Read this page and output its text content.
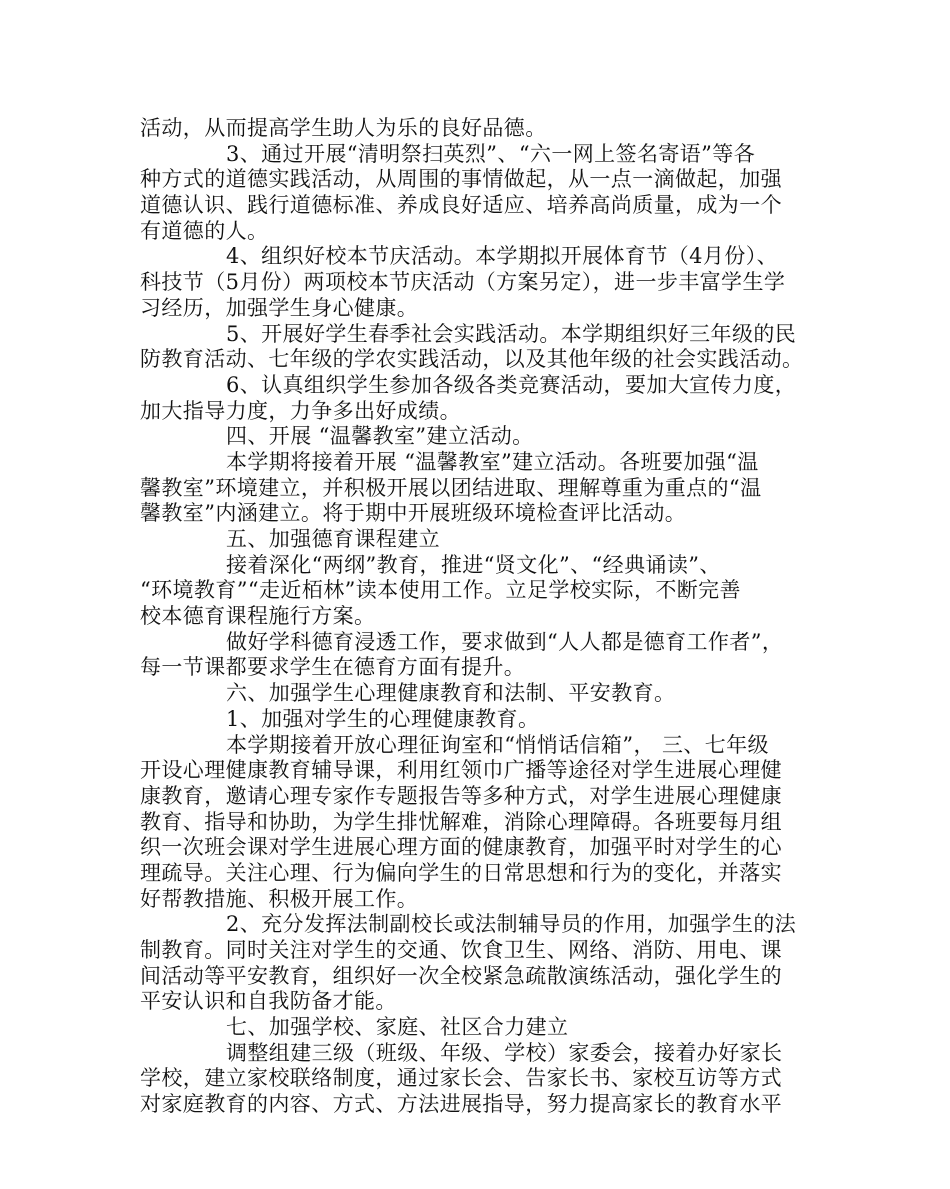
活动，从而提高学生助人为乐的良好品德。
3、通过开展“清明祭扫英烈”、“六一网上签名寄语”等各
种方式的道德实践活动，从周围的事情做起，从一点一滴做起，加强
道德认识、践行道德标准、养成良好适应、培养高尚质量，成为一个
有道德的人。
4、组织好校本节庆活动。本学期拟开展体育节（4月份）、
科技节（5月份）两项校本节庆活动（方案另定），进一步丰富学生学
习经历，加强学生身心健康。
5、开展好学生春季社会实践活动。本学期组织好三年级的民
防教育活动、七年级的学农实践活动，以及其他年级的社会实践活动。
6、认真组织学生参加各级各类竞赛活动，要加大宣传力度，
加大指导力度，力争多出好成绩。
四、开展 “温馨教室”建立活动。
本学期将接着开展 “温馨教室”建立活动。各班要加强“温
馨教室”环境建立，并积极开展以团结进取、理解尊重为重点的“温
馨教室”内涵建立。将于期中开展班级环境检查评比活动。
五、加强德育课程建立
接着深化“两纲”教育，推进“贤文化”、“经典诵读”、
“环境教育”“走近栢林”读本使用工作。立足学校实际，不断完善
校本德育课程施行方案。
做好学科德育浸透工作，要求做到“人人都是德育工作者”，
每一节课都要求学生在德育方面有提升。
六、加强学生心理健康教育和法制、平安教育。
1、加强对学生的心理健康教育。
本学期接着开放心理征询室和“悄悄话信箱”， 三、七年级
开设心理健康教育辅导课，利用红领巾广播等途径对学生进展心理健
康教育，邀请心理专家作专题报告等多种方式，对学生进展心理健康
教育、指导和协助，为学生排忧解难，消除心理障碍。各班要每月组
织一次班会课对学生进展心理方面的健康教育，加强平时对学生的心
理疏导。关注心理、行为偏向学生的日常思想和行为的变化，并落实
好帮教措施、积极开展工作。
2、充分发挥法制副校长或法制辅导员的作用，加强学生的法
制教育。同时关注对学生的交通、饮食卫生、网络、消防、用电、课
间活动等平安教育，组织好一次全校紧急疏散演练活动，强化学生的
平安认识和自我防备才能。
七、加强学校、家庭、社区合力建立
调整组建三级（班级、年级、学校）家委会，接着办好家长
学校，建立家校联络制度，通过家长会、告家长书、家校互访等方式
对家庭教育的内容、方式、方法进展指导，努力提高家长的教育水平
